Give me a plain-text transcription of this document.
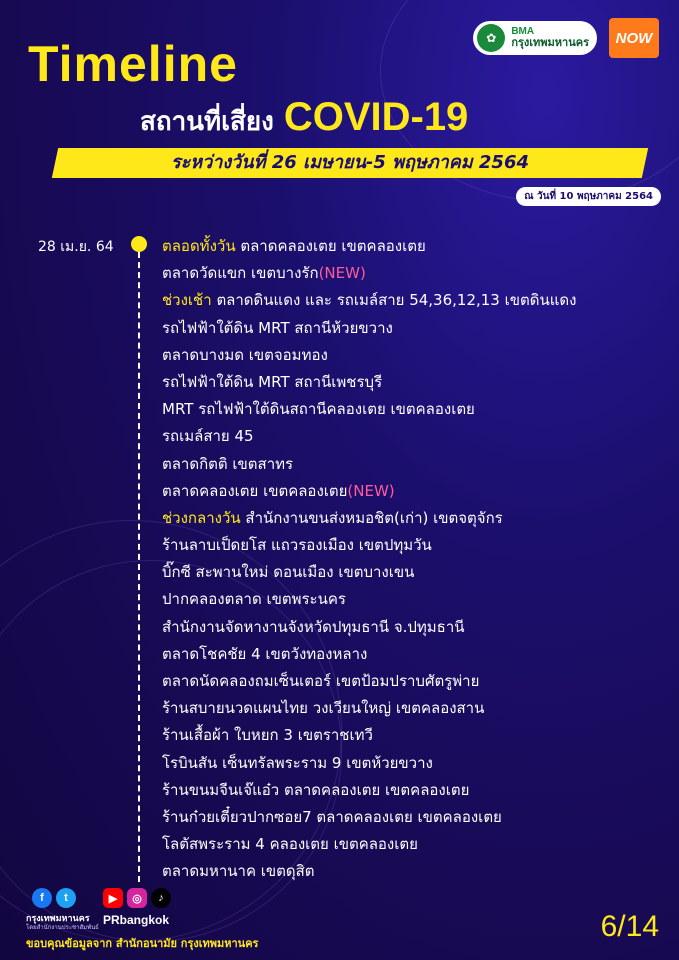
✿	BMA
กรุงเทพมหานคร	NOW
Timeline
สถานที่เสี่ยง COVID-19
ระหว่างวันที่ 26 เมษายน-5 พฤษภาคม 2564
ณ วันที่ 10 พฤษภาคม 2564
28 เม.ย. 64	ตลอดทั้งวัน ตลาดคลองเตย เขตคลองเตย
ตลาดวัดแขก เขตบางรัก(NEW)
ช่วงเช้า ตลาดดินแดง และ รถเมล์สาย 54,36,12,13 เขตดินแดง
รถไฟฟ้าใต้ดิน MRT สถานีห้วยขวาง
ตลาดบางมด เขตจอมทอง
รถไฟฟ้าใต้ดิน MRT สถานีเพชรบุรี
MRT รถไฟฟ้าใต้ดินสถานีคลองเตย เขตคลองเตย
รถเมล์สาย 45
ตลาดกิตติ เขตสาทร
ตลาดคลองเตย เขตคลองเตย(NEW)
ช่วงกลางวัน สำนักงานขนส่งหมอชิต(เก่า) เขตจตุจักร
ร้านลาบเป็ดยโส แถวรองเมือง เขตปทุมวัน
บิ๊กซี สะพานใหม่ ดอนเมือง เขตบางเขน
ปากคลองตลาด เขตพระนคร
สำนักงานจัดหางานจังหวัดปทุมธานี จ.ปทุมธานี
ตลาดโชคชัย 4 เขตวังทองหลาง
ตลาดนัดคลองถมเซ็นเตอร์ เขตป้อมปราบศัตรูพ่าย
ร้านสบายนวดแผนไทย วงเวียนใหญ่ เขตคลองสาน
ร้านเสื้อผ้า ใบหยก 3 เขตราชเทวี
โรบินสัน เซ็นทรัลพระราม 9 เขตห้วยขวาง
ร้านขนมจีนเจ๊แอ๋ว ตลาดคลองเตย เขตคลองเตย
ร้านก๋วยเตี๋ยวปากซอย7 ตลาดคลองเตย เขตคลองเตย
โลตัสพระราม 4 คลองเตย เขตคลองเตย
ตลาดมหานาค เขตดุสิต
f	t
กรุงเทพมหานคร
โดยสำนักงานประชาสัมพันธ์
▶	◎	♪
PRbangkok
ขอบคุณข้อมูลจาก สำนักอนามัย กรุงเทพมหานคร
6/14
